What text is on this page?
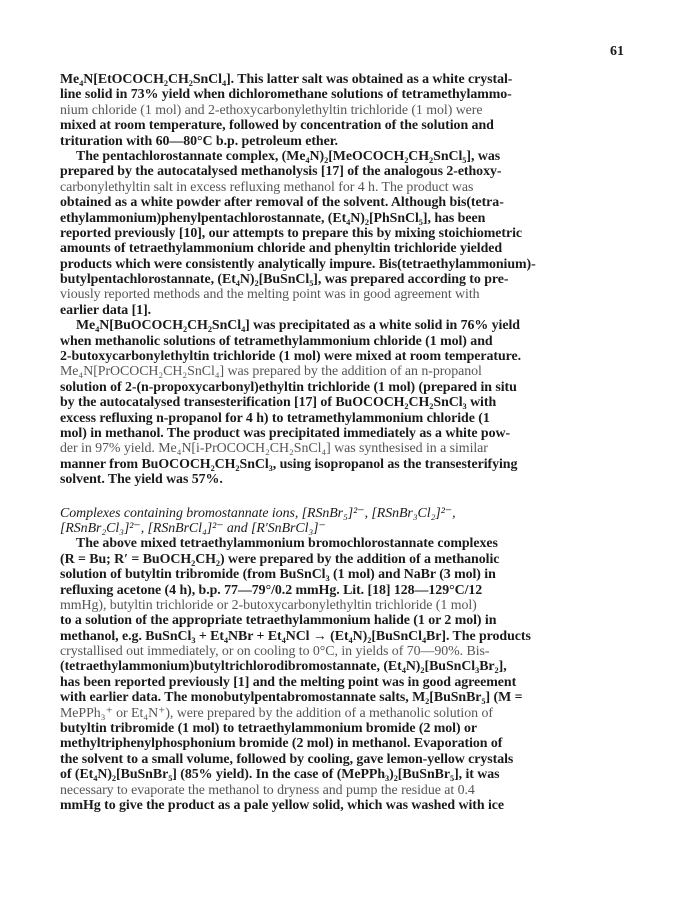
61
Me₄N[EtOCOCH₂CH₂SnCl₄]. This latter salt was obtained as a white crystal-
line solid in 73% yield when dichloromethane solutions of tetramethylammo-
nium chloride (1 mol) and 2-ethoxycarbonylethyltin trichloride (1 mol) were
mixed at room temperature, followed by concentration of the solution and
trituration with 60—80°C b.p. petroleum ether.
The pentachlorostannate complex, (Me₄N)₂[MeOCOCH₂CH₂SnCl₅], was
prepared by the autocatalysed methanolysis [17] of the analogous 2-ethoxy-
carbonylethyltin salt in excess refluxing methanol for 4 h. The product was
obtained as a white powder after removal of the solvent. Although bis(tetra-
ethylammonium)phenylpentachlorostannate, (Et₄N)₂[PhSnCl₅], has been
reported previously [10], our attempts to prepare this by mixing stoichiometric
amounts of tetraethylammonium chloride and phenyltin trichloride yielded
products which were consistently analytically impure. Bis(tetraethylammonium)-
butylpentachlorostannate, (Et₄N)₂[BuSnCl₅], was prepared according to pre-
viously reported methods and the melting point was in good agreement with
earlier data [1].
Me₄N[BuOCOCH₂CH₂SnCl₄] was precipitated as a white solid in 76% yield
when methanolic solutions of tetramethylammonium chloride (1 mol) and
2-butoxycarbonylethyltin trichloride (1 mol) were mixed at room temperature.
Me₄N[PrOCOCH₂CH₂SnCl₄] was prepared by the addition of an n-propanol
solution of 2-(n-propoxycarbonyl)ethyltin trichloride (1 mol) (prepared in situ
by the autocatalysed transesterification [17] of BuOCOCH₂CH₂SnCl₃ with
excess refluxing n-propanol for 4 h) to tetramethylammonium chloride (1
mol) in methanol. The product was precipitated immediately as a white pow-
der in 97% yield. Me₄N[i-PrOCOCH₂CH₂SnCl₄] was synthesised in a similar
manner from BuOCOCH₂CH₂SnCl₃, using isopropanol as the transesterifying
solvent. The yield was 57%.
Complexes containing bromostannate ions, [RSnBr₅]²⁻, [RSnBr₃Cl₂]²⁻,
[RSnBr₂Cl₃]²⁻, [RSnBrCl₄]²⁻ and [R′SnBrCl₃]⁻
The above mixed tetraethylammonium bromochlorostannate complexes
(R = Bu; R′ = BuOCH₂CH₂) were prepared by the addition of a methanolic
solution of butyltin tribromide (from BuSnCl₃ (1 mol) and NaBr (3 mol) in
refluxing acetone (4 h), b.p. 77—79°/0.2 mmHg. Lit. [18] 128—129°C/12
mmHg), butyltin trichloride or 2-butoxycarbonylethyltin trichloride (1 mol)
to a solution of the appropriate tetraethylammonium halide (1 or 2 mol) in
methanol, e.g. BuSnCl₃ + Et₄NBr + Et₄NCl → (Et₄N)₂[BuSnCl₄Br]. The products
crystallised out immediately, or on cooling to 0°C, in yields of 70—90%. Bis-
(tetraethylammonium)butyltrichlorodibromostannate, (Et₄N)₂[BuSnCl₃Br₂],
has been reported previously [1] and the melting point was in good agreement
with earlier data. The monobutylpentabromostannate salts, M₂[BuSnBr₅] (M =
MePPh₃⁺ or Et₄N⁺), were prepared by the addition of a methanolic solution of
butyltin tribromide (1 mol) to tetraethylammonium bromide (2 mol) or
methyltriphenylphosphonium bromide (2 mol) in methanol. Evaporation of
the solvent to a small volume, followed by cooling, gave lemon-yellow crystals
of (Et₄N)₂[BuSnBr₅] (85% yield). In the case of (MePPh₃)₂[BuSnBr₅], it was
necessary to evaporate the methanol to dryness and pump the residue at 0.4
mmHg to give the product as a pale yellow solid, which was washed with ice
